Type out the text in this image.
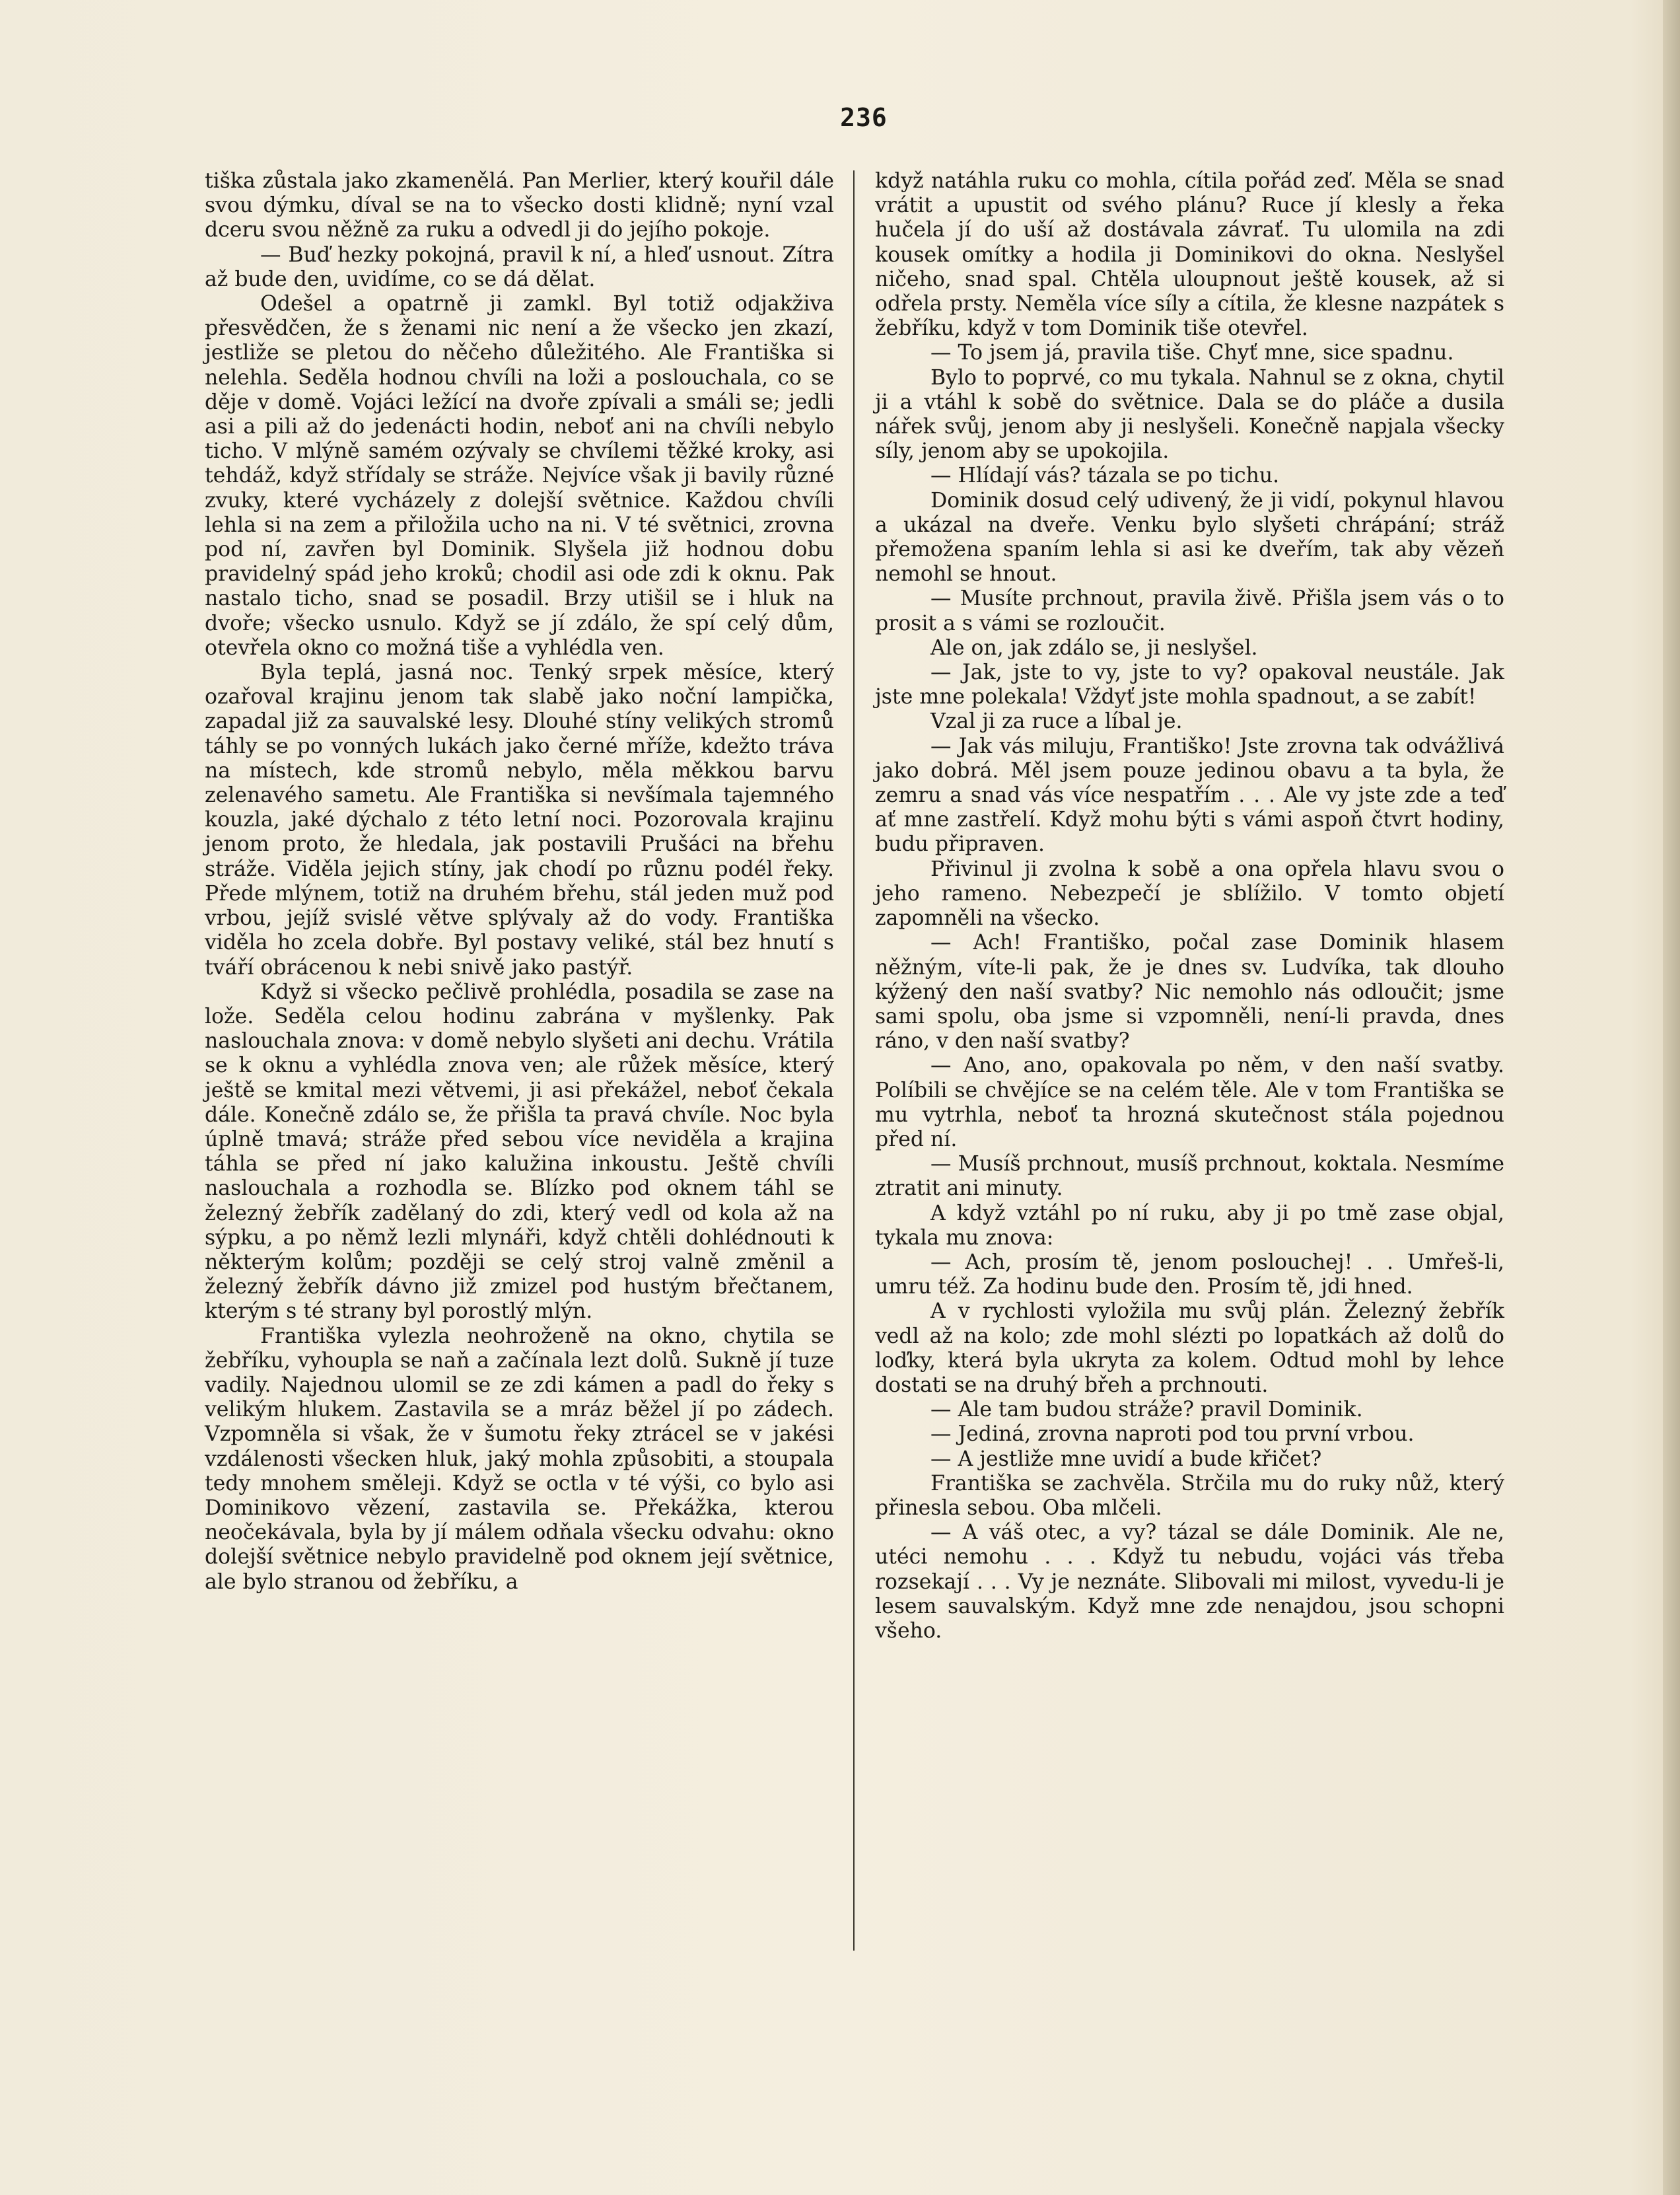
236

tiška zůstala jako zkamenělá. Pan Merlier, který kouřil dále svou dýmku, díval se na to všecko dosti klidně; nyní vzal dceru svou něžně za ruku a odvedl ji do jejího pokoje.

— Buď hezky pokojná, pravil k ní, a hleď usnout. Zítra až bude den, uvidíme, co se dá dělat.

Odešel a opatrně ji zamkl. Byl totiž odjakživa přesvědčen, že s ženami nic není a že všecko jen zkazí, jestliže se pletou do něčeho důležitého. Ale Františka si nelehla. Seděla hodnou chvíli na loži a poslouchala, co se děje v domě. Vojáci ležící na dvoře zpívali a smáli se; jedli asi a pili až do jedenácti hodin, neboť ani na chvíli nebylo ticho. V mlýně samém ozývaly se chvílemi těžké kroky, asi tehdáž, když střídaly se stráže. Nejvíce však ji bavily různé zvuky, které vycházely z dolejší světnice. Každou chvíli lehla si na zem a přiložila ucho na ni. V té světnici, zrovna pod ní, zavřen byl Dominik. Slyšela již hodnou dobu pravidelný spád jeho kroků; chodil asi ode zdi k oknu. Pak nastalo ticho, snad se posadil. Brzy utišil se i hluk na dvoře; všecko usnulo. Když se jí zdálo, že spí celý dům, otevřela okno co možná tiše a vyhlédla ven.

Byla teplá, jasná noc. Tenký srpek měsíce, který ozařoval krajinu jenom tak slabě jako noční lampička, zapadal již za sauvalské lesy. Dlouhé stíny velikých stromů táhly se po vonných lukách jako černé mříže, kdežto tráva na místech, kde stromů nebylo, měla měkkou barvu zelenavého sametu. Ale Františka si nevšímala tajemného kouzla, jaké dýchalo z této letní noci. Pozorovala krajinu jenom proto, že hledala, jak postavili Prušáci na břehu stráže. Viděla jejich stíny, jak chodí po různu podél řeky. Přede mlýnem, totiž na druhém břehu, stál jeden muž pod vrbou, jejíž svislé větve splývaly až do vody. Františka viděla ho zcela dobře. Byl postavy veliké, stál bez hnutí s tváří obrácenou k nebi snivě jako pastýř.

Když si všecko pečlivě prohlédla, posadila se zase na lože. Seděla celou hodinu zabrána v myšlenky. Pak naslouchala znova: v domě nebylo slyšeti ani dechu. Vrátila se k oknu a vyhlédla znova ven; ale růžek měsíce, který ještě se kmital mezi větvemi, ji asi překážel, neboť čekala dále. Konečně zdálo se, že přišla ta pravá chvíle. Noc byla úplně tmavá; stráže před sebou více neviděla a krajina táhla se před ní jako kalužina inkoustu. Ještě chvíli naslouchala a rozhodla se. Blízko pod oknem táhl se železný žebřík zadělaný do zdi, který vedl od kola až na sýpku, a po němž lezli mlynáři, když chtěli dohlédnouti k některým kolům; později se celý stroj valně změnil a železný žebřík dávno již zmizel pod hustým břečtanem, kterým s té strany byl porostlý mlýn.

Františka vylezla neohroženě na okno, chytila se žebříku, vyhoupla se naň a začínala lezt dolů. Sukně jí tuze vadily. Najednou ulomil se ze zdi kámen a padl do řeky s velikým hlukem. Zastavila se a mráz běžel jí po zádech. Vzpomněla si však, že v šumotu řeky ztrácel se v jakési vzdálenosti všecken hluk, jaký mohla způsobiti, a stoupala tedy mnohem směleji. Když se octla v té výši, co bylo asi Dominikovo vězení, zastavila se. Překážka, kterou neočekávala, byla by jí málem odňala všecku odvahu: okno dolejší světnice nebylo pravidelně pod oknem její světnice, ale bylo stranou od žebříku, a

když natáhla ruku co mohla, cítila pořád zeď. Měla se snad vrátit a upustit od svého plánu? Ruce jí klesly a řeka hučela jí do uší až dostávala závrať. Tu ulomila na zdi kousek omítky a hodila ji Dominikovi do okna. Neslyšel ničeho, snad spal. Chtěla uloupnout ještě kousek, až si odřela prsty. Neměla více síly a cítila, že klesne nazpátek s žebříku, když v tom Dominik tiše otevřel.

— To jsem já, pravila tiše. Chyť mne, sice spadnu.

Bylo to poprvé, co mu tykala. Nahnul se z okna, chytil ji a vtáhl k sobě do světnice. Dala se do pláče a dusila nářek svůj, jenom aby ji neslyšeli. Konečně napjala všecky síly, jenom aby se upokojila.

— Hlídají vás? tázala se po tichu.

Dominik dosud celý udivený, že ji vidí, pokynul hlavou a ukázal na dveře. Venku bylo slyšeti chrápání; stráž přemožena spaním lehla si asi ke dveřím, tak aby vězeň nemohl se hnout.

— Musíte prchnout, pravila živě. Přišla jsem vás o to prosit a s vámi se rozloučit.

Ale on, jak zdálo se, ji neslyšel.

— Jak, jste to vy, jste to vy? opakoval neustále. Jak jste mne polekala! Vždyť jste mohla spadnout, a se zabít!

Vzal ji za ruce a líbal je.

— Jak vás miluju, Františko! Jste zrovna tak odvážlivá jako dobrá. Měl jsem pouze jedinou obavu a ta byla, že zemru a snad vás více nespatřím . . . Ale vy jste zde a teď ať mne zastřelí. Když mohu býti s vámi aspoň čtvrt hodiny, budu připraven.

Přivinul ji zvolna k sobě a ona opřela hlavu svou o jeho rameno. Nebezpečí je sblížilo. V tomto objetí zapomněli na všecko.

— Ach! Františko, počal zase Dominik hlasem něžným, víte-li pak, že je dnes sv. Ludvíka, tak dlouho kýžený den naší svatby? Nic nemohlo nás odloučit; jsme sami spolu, oba jsme si vzpomněli, není-li pravda, dnes ráno, v den naší svatby?

— Ano, ano, opakovala po něm, v den naší svatby. Políbili se chvějíce se na celém těle. Ale v tom Františka se mu vytrhla, neboť ta hrozná skutečnost stála pojednou před ní.

— Musíš prchnout, musíš prchnout, koktala. Nesmíme ztratit ani minuty.

A když vztáhl po ní ruku, aby ji po tmě zase objal, tykala mu znova:

— Ach, prosím tě, jenom poslouchej! . . Umřeš-li, umru též. Za hodinu bude den. Prosím tě, jdi hned.

A v rychlosti vyložila mu svůj plán. Železný žebřík vedl až na kolo; zde mohl slézti po lopatkách až dolů do loďky, která byla ukryta za kolem. Odtud mohl by lehce dostati se na druhý břeh a prchnouti.

— Ale tam budou stráže? pravil Dominik.

— Jediná, zrovna naproti pod tou první vrbou.

— A jestliže mne uvidí a bude křičet?

Františka se zachvěla. Strčila mu do ruky nůž, který přinesla sebou. Oba mlčeli.

— A váš otec, a vy? tázal se dále Dominik. Ale ne, utéci nemohu . . . Když tu nebudu, vojáci vás třeba rozsekají . . . Vy je neznáte. Slibovali mi milost, vyvedu-li je lesem sauvalským. Když mne zde nenajdou, jsou schopni všeho.
